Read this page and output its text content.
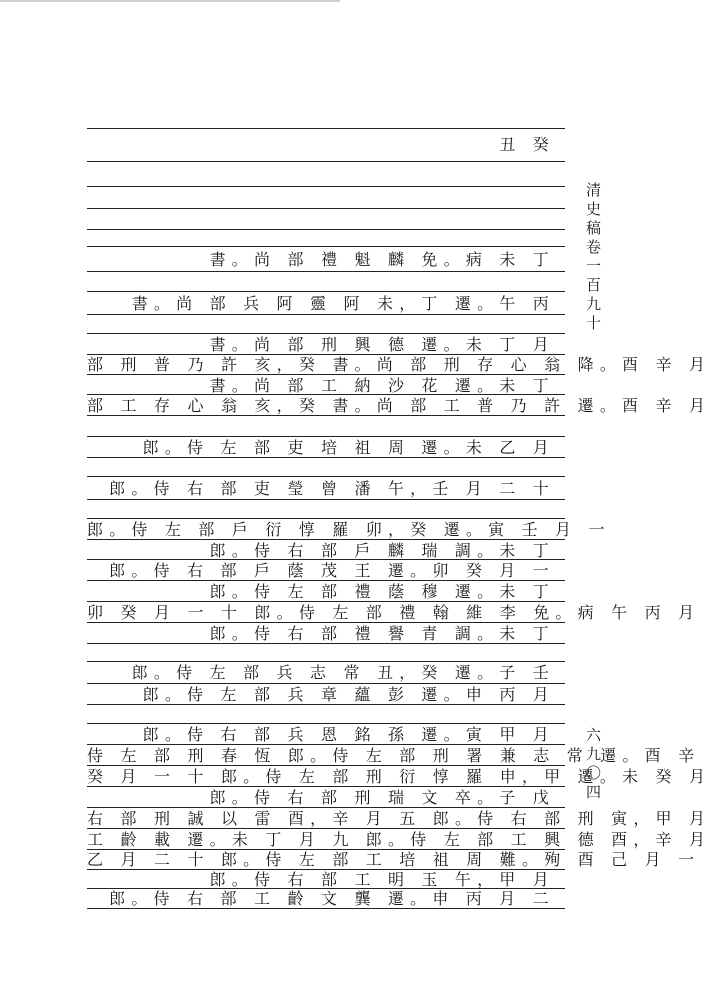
丑 癸
清史稿卷一百九十
六九〇四
書。尚 部 禮 魁 麟 免。病 未 丁
書。尚 部 兵 阿 靈 阿 未，丁 遷。午 丙
書。尚 部 刑 興 德 遷。未 丁 月
部 刑 普 乃 許 亥，癸 書。尚 部 刑 存 心 翁 降。酉 辛 月
書。尚 部 工 納 沙 花 遷。未 丁
部 工 存 心 翁 亥，癸 書。尚 部 工 普 乃 許 遷。酉 辛 月
郎。侍 左 部 吏 培 祖 周 遷。未 乙 月
郎。侍 右 部 吏 瑩 曾 潘 午，壬 月 二 十
郎。侍 左 部 戶 衍 惇 羅 卯，癸 遷。寅 壬 月 一
郎。侍 右 部 戶 麟 瑞 調。未 丁
郎。侍 右 部 戶 蔭 茂 王 遷。卯 癸 月 一
郎。侍 左 部 禮 蔭 穆 遷。未 丁
卯 癸 月 一 十 郎。侍 左 部 禮 翰 維 李 免。病 午 丙 月
郎。侍 右 部 禮 譽 青 調。未 丁
郎。侍 左 部 兵 志 常 丑，癸 遷。子 壬
郎。侍 左 部 兵 章 蘊 彭 遷。申 丙 月
郎。侍 右 部 兵 恩 銘 孫 遷。寅 甲 月
侍 左 部 刑 春 恆 郎。侍 左 部 刑 署 兼 志 常 遷。酉 辛
癸 月 一 十 郎。侍 左 部 刑 衍 惇 羅 申，甲 遷。未 癸 月
郎。侍 右 部 刑 瑞 文 卒。子 戊
右 部 刑 誠 以 雷 酉，辛 月 五 郎。侍 右 部 刑 寅，甲 月
工 齡 載 遷。未 丁 月 九 郎。侍 左 部 工 興 德 酉，辛 月
乙 月 二 十 郎。侍 左 部 工 培 祖 周 難。殉 酉 己 月 一
郎。侍 右 部 工 明 玉 午，甲 月
郎。侍 右 部 工 齡 文 龔 遷。申 丙 月 二
